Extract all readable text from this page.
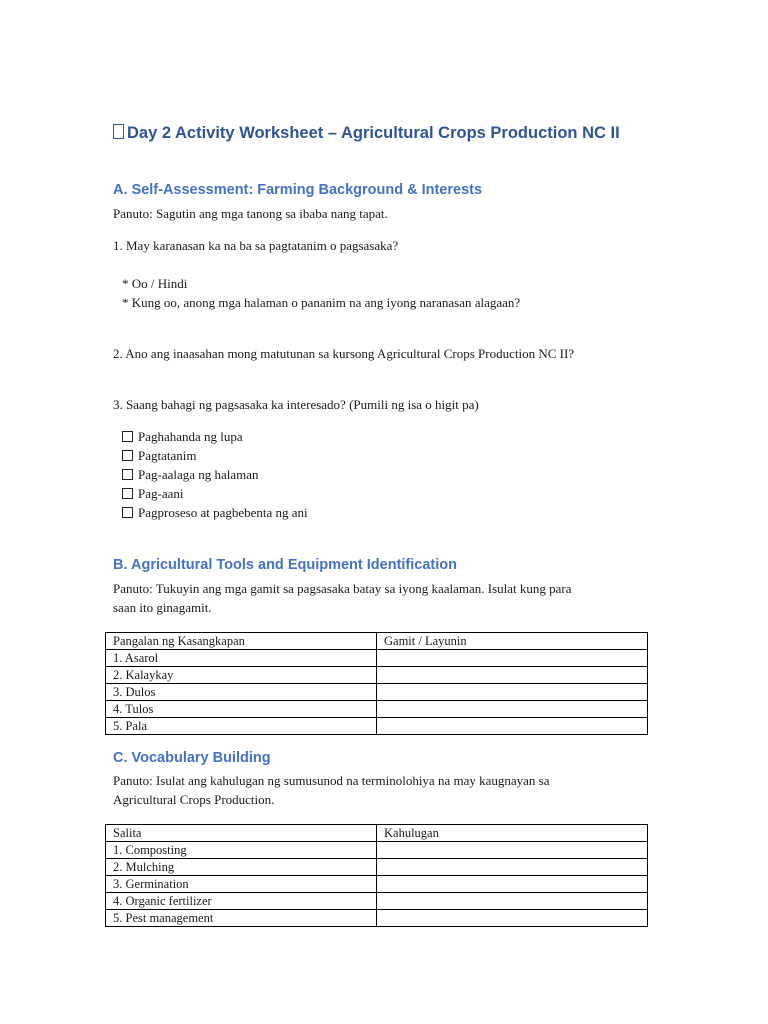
Day 2 Activity Worksheet – Agricultural Crops Production NC II
A. Self-Assessment: Farming Background & Interests
Panuto: Sagutin ang mga tanong sa ibaba nang tapat.
1. May karanasan ka na ba sa pagtatanim o pagsasaka?
* Oo / Hindi
* Kung oo, anong mga halaman o pananim na ang iyong naranasan alagaan?
2. Ano ang inaasahan mong matutunan sa kursong Agricultural Crops Production NC II?
3. Saang bahagi ng pagsasaka ka interesado? (Pumili ng isa o higit pa)
Paghahanda ng lupa
Pagtatanim
Pag-aalaga ng halaman
Pag-aani
Pagproseso at pagbebenta ng ani
B. Agricultural Tools and Equipment Identification
Panuto: Tukuyin ang mga gamit sa pagsasaka batay sa iyong kaalaman. Isulat kung para
saan ito ginagamit.
Pangalan ng Kasangkapan	Gamit / Layunin
1. Asarol	
2. Kalaykay	
3. Dulos	
4. Tulos	
5. Pala	
C. Vocabulary Building
Panuto: Isulat ang kahulugan ng sumusunod na terminolohiya na may kaugnayan sa
Agricultural Crops Production.
Salita	Kahulugan
1. Composting	
2. Mulching	
3. Germination	
4. Organic fertilizer	
5. Pest management	
